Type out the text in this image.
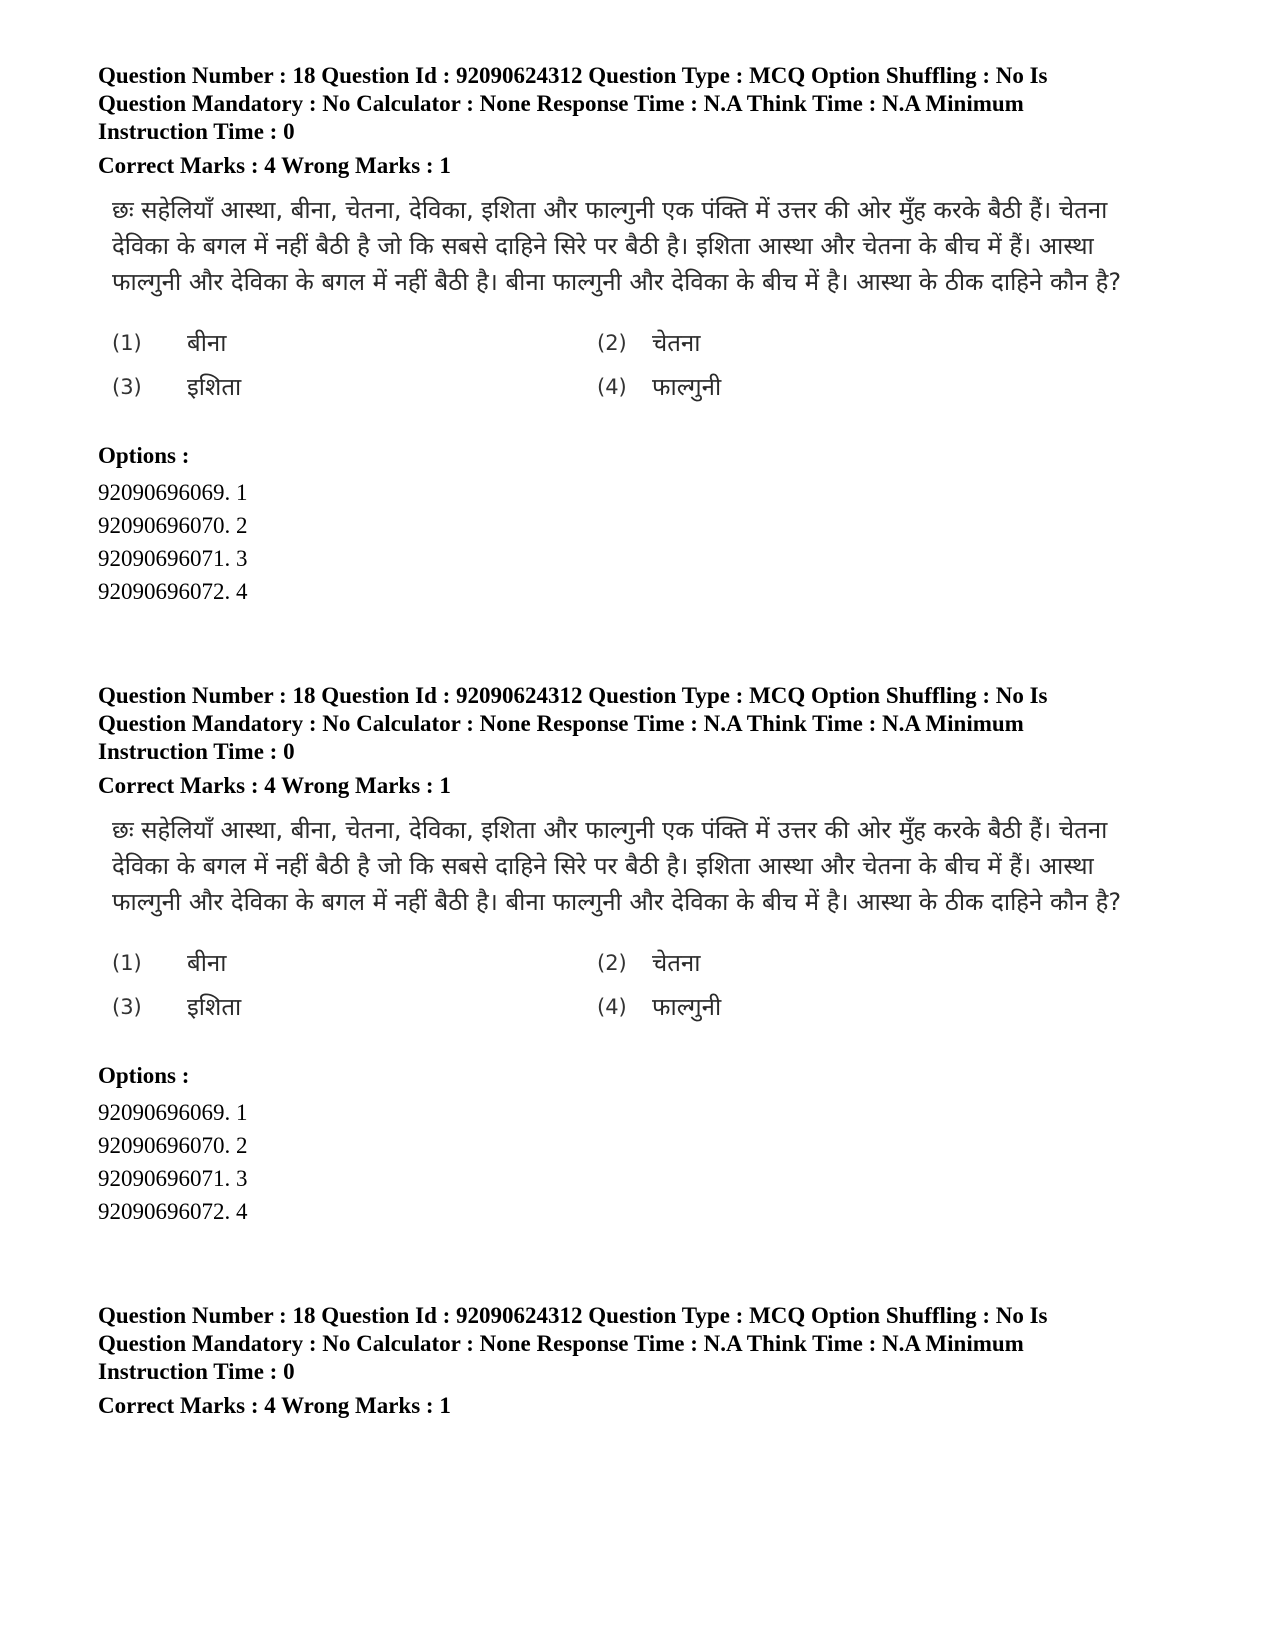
Question Number : 18 Question Id : 92090624312 Question Type : MCQ Option Shuffling : No Is

Question Mandatory : No Calculator : None Response Time : N.A Think Time : N.A Minimum

Instruction Time : 0

Correct Marks : 4 Wrong Marks : 1

छः सहेलियाँ आस्था, बीना, चेतना, देविका, इशिता और फाल्गुनी एक पंक्ति में उत्तर की ओर मुँह करके बैठी हैं। चेतना देविका के बगल में नहीं बैठी है जो कि सबसे दाहिने सिरे पर बैठी है। इशिता आस्था और चेतना के बीच में हैं। आस्था फाल्गुनी और देविका के बगल में नहीं बैठी है। बीना फाल्गुनी और देविका के बीच में है। आस्था के ठीक दाहिने कौन है?

(1)	बीना	(2)	चेतना
(3)	इशिता	(4)	फाल्गुनी

Options :

92090696069. 1

92090696070. 2

92090696071. 3

92090696072. 4

Question Number : 18 Question Id : 92090624312 Question Type : MCQ Option Shuffling : No Is

Question Mandatory : No Calculator : None Response Time : N.A Think Time : N.A Minimum

Instruction Time : 0

Correct Marks : 4 Wrong Marks : 1

छः सहेलियाँ आस्था, बीना, चेतना, देविका, इशिता और फाल्गुनी एक पंक्ति में उत्तर की ओर मुँह करके बैठी हैं। चेतना देविका के बगल में नहीं बैठी है जो कि सबसे दाहिने सिरे पर बैठी है। इशिता आस्था और चेतना के बीच में हैं। आस्था फाल्गुनी और देविका के बगल में नहीं बैठी है। बीना फाल्गुनी और देविका के बीच में है। आस्था के ठीक दाहिने कौन है?

(1)	बीना	(2)	चेतना
(3)	इशिता	(4)	फाल्गुनी

Options :

92090696069. 1

92090696070. 2

92090696071. 3

92090696072. 4

Question Number : 18 Question Id : 92090624312 Question Type : MCQ Option Shuffling : No Is

Question Mandatory : No Calculator : None Response Time : N.A Think Time : N.A Minimum

Instruction Time : 0

Correct Marks : 4 Wrong Marks : 1
